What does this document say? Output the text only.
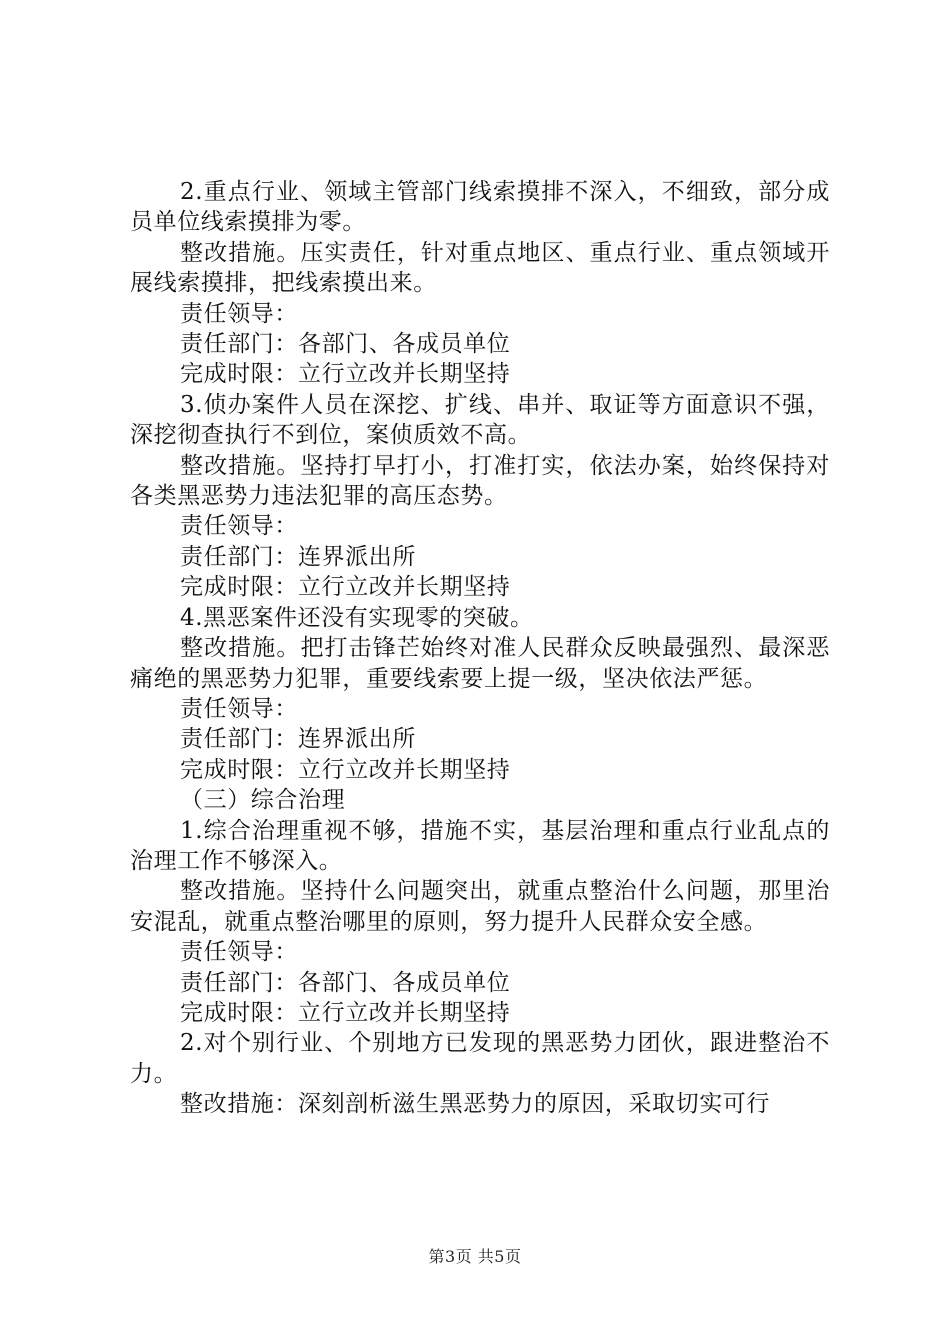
2.重点行业、领域主管部门线索摸排不深入，不细致，部分成员单位线索摸排为零。

整改措施。压实责任，针对重点地区、重点行业、重点领域开展线索摸排，把线索摸出来。

责任领导：

责任部门：各部门、各成员单位

完成时限：立行立改并长期坚持

3.侦办案件人员在深挖、扩线、串并、取证等方面意识不强，深挖彻查执行不到位，案侦质效不高。

整改措施。坚持打早打小，打准打实，依法办案，始终保持对各类黑恶势力违法犯罪的高压态势。

责任领导：

责任部门：连界派出所

完成时限：立行立改并长期坚持

4.黑恶案件还没有实现零的突破。

整改措施。把打击锋芒始终对准人民群众反映最强烈、最深恶痛绝的黑恶势力犯罪，重要线索要上提一级，坚决依法严惩。

责任领导：

责任部门：连界派出所

完成时限：立行立改并长期坚持

（三）综合治理

1.综合治理重视不够，措施不实，基层治理和重点行业乱点的治理工作不够深入。

整改措施。坚持什么问题突出，就重点整治什么问题，那里治安混乱，就重点整治哪里的原则，努力提升人民群众安全感。

责任领导：

责任部门：各部门、各成员单位

完成时限：立行立改并长期坚持

2.对个别行业、个别地方已发现的黑恶势力团伙，跟进整治不力。

整改措施：深刻剖析滋生黑恶势力的原因，采取切实可行

第3页 共5页
